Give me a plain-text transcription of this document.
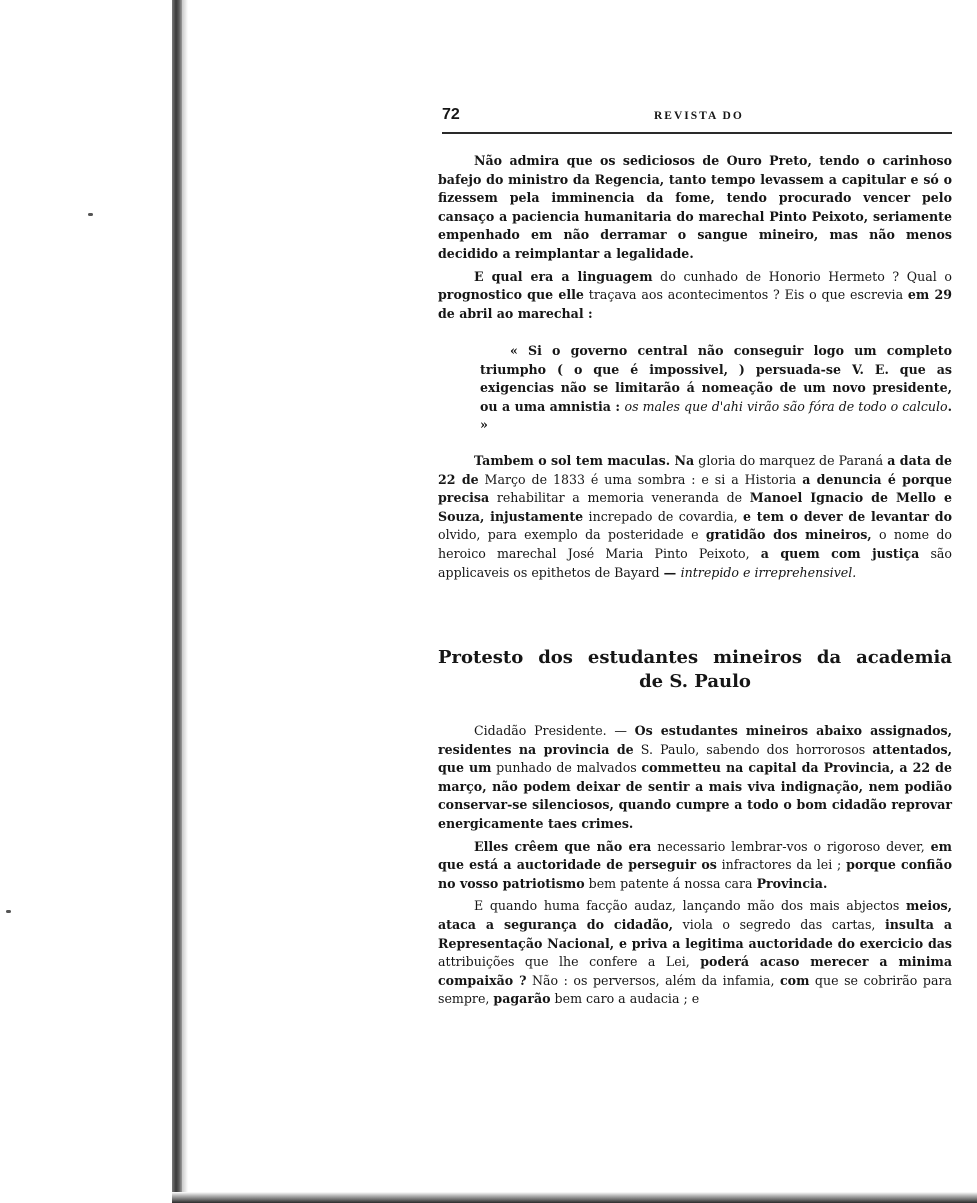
72	REVISTA DO

Não admira que os sediciosos de Ouro Preto, tendo o carinhoso bafejo do ministro da Regencia, tanto tempo levassem a capitular e só o fizessem pela imminencia da fome, tendo procurado vencer pelo cansaço a paciencia humanitaria do marechal Pinto Peixoto, seriamente empenhado em não derramar o sangue mineiro, mas não menos decidido a reimplantar a legalidade.

E qual era a linguagem do cunhado de Honorio Hermeto ? Qual o prognostico que elle traçava aos acontecimentos ? Eis o que escrevia em 29 de abril ao marechal :

« Si o governo central não conseguir logo um completo triumpho ( o que é impossivel, ) persuada-se V. E. que as exigencias não se limitarão á nomeação de um novo presidente, ou a uma amnistia : os males que d'ahi virão são fóra de todo o calculo. »

Tambem o sol tem maculas. Na gloria do marquez de Paraná a data de 22 de Março de 1833 é uma sombra : e si a Historia a denuncia é porque precisa rehabilitar a memoria veneranda de Manoel Ignacio de Mello e Souza, injustamente increpado de covardia, e tem o dever de levantar do olvido, para exemplo da posteridade e gratidão dos mineiros, o nome do heroico marechal José Maria Pinto Peixoto, a quem com justiça são applicaveis os epithetos de Bayard — intrepido e irreprehensivel.

Protesto dos estudantes mineiros da academia
de S. Paulo

Cidadão Presidente. — Os estudantes mineiros abaixo assignados, residentes na provincia de S. Paulo, sabendo dos horrorosos attentados, que um punhado de malvados commetteu na capital da Provincia, a 22 de março, não podem deixar de sentir a mais viva indignação, nem podião conservar-se silenciosos, quando cumpre a todo o bom cidadão reprovar energicamente taes crimes.

Elles crêem que não era necessario lembrar-vos o rigoroso dever, em que está a auctoridade de perseguir os infractores da lei ; porque confião no vosso patriotismo bem patente á nossa cara Provincia.

E quando huma facção audaz, lançando mão dos mais abjectos meios, ataca a segurança do cidadão, viola o segredo das cartas, insulta a Representação Nacional, e priva a legitima auctoridade do exercicio das attribuições que lhe confere a Lei, poderá acaso merecer a minima compaixão ? Não : os perversos, além da infamia, com que se cobrirão para sempre, pagarão bem caro a audacia ; e
